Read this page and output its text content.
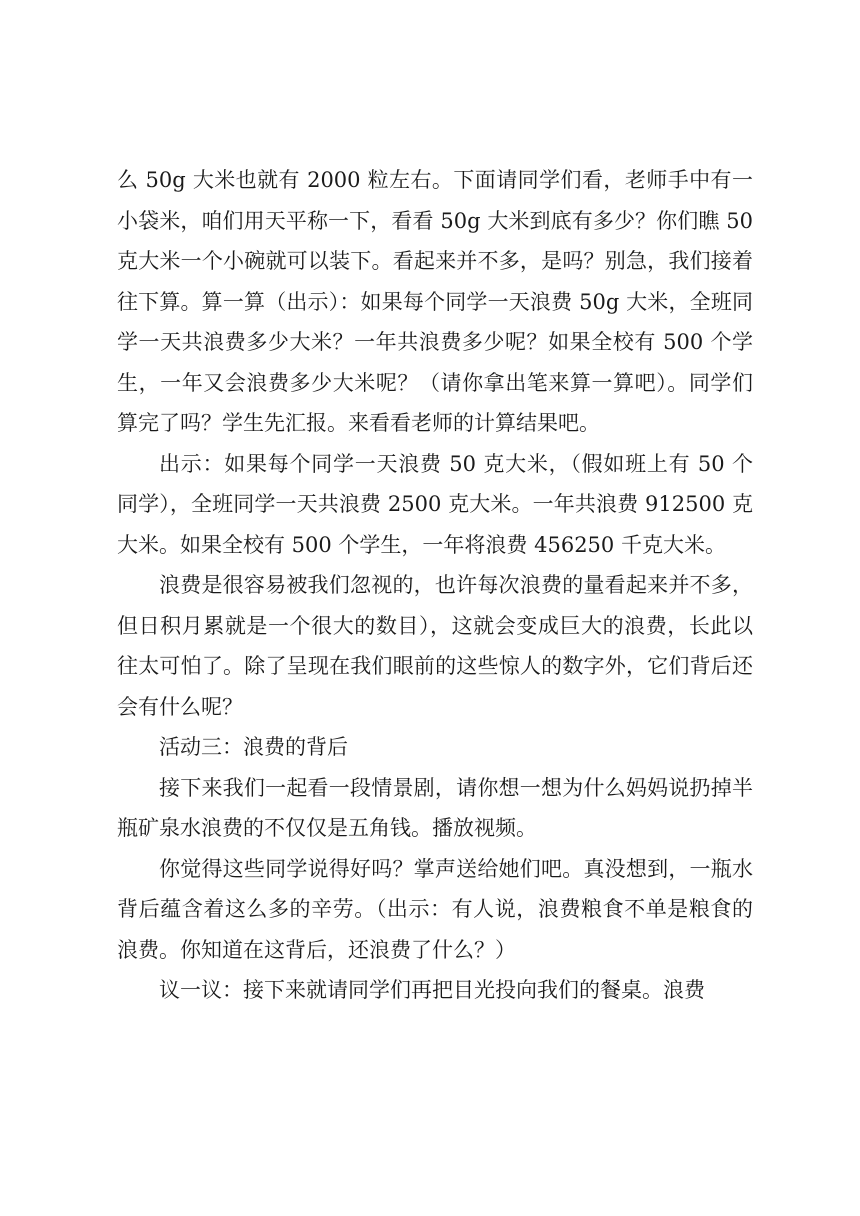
么 50g 大米也就有 2000 粒左右。下面请同学们看，老师手中有一小袋米，咱们用天平称一下，看看 50g 大米到底有多少？你们瞧 50 克大米一个小碗就可以装下。看起来并不多，是吗？别急，我们接着往下算。算一算（出示）：如果每个同学一天浪费 50g 大米，全班同学一天共浪费多少大米？一年共浪费多少呢？如果全校有 500 个学生，一年又会浪费多少大米呢？（请你拿出笔来算一算吧）。同学们算完了吗？学生先汇报。来看看老师的计算结果吧。

出示：如果每个同学一天浪费 50 克大米，（假如班上有 50 个同学），全班同学一天共浪费 2500 克大米。一年共浪费 912500 克大米。如果全校有 500 个学生，一年将浪费 456250 千克大米。

浪费是很容易被我们忽视的，也许每次浪费的量看起来并不多，但日积月累就是一个很大的数目），这就会变成巨大的浪费，长此以往太可怕了。除了呈现在我们眼前的这些惊人的数字外，它们背后还会有什么呢？

活动三：浪费的背后

接下来我们一起看一段情景剧，请你想一想为什么妈妈说扔掉半瓶矿泉水浪费的不仅仅是五角钱。播放视频。

你觉得这些同学说得好吗？掌声送给她们吧。真没想到，一瓶水背后蕴含着这么多的辛劳。（出示：有人说，浪费粮食不单是粮食的浪费。你知道在这背后，还浪费了什么？）

议一议：接下来就请同学们再把目光投向我们的餐桌。浪费
